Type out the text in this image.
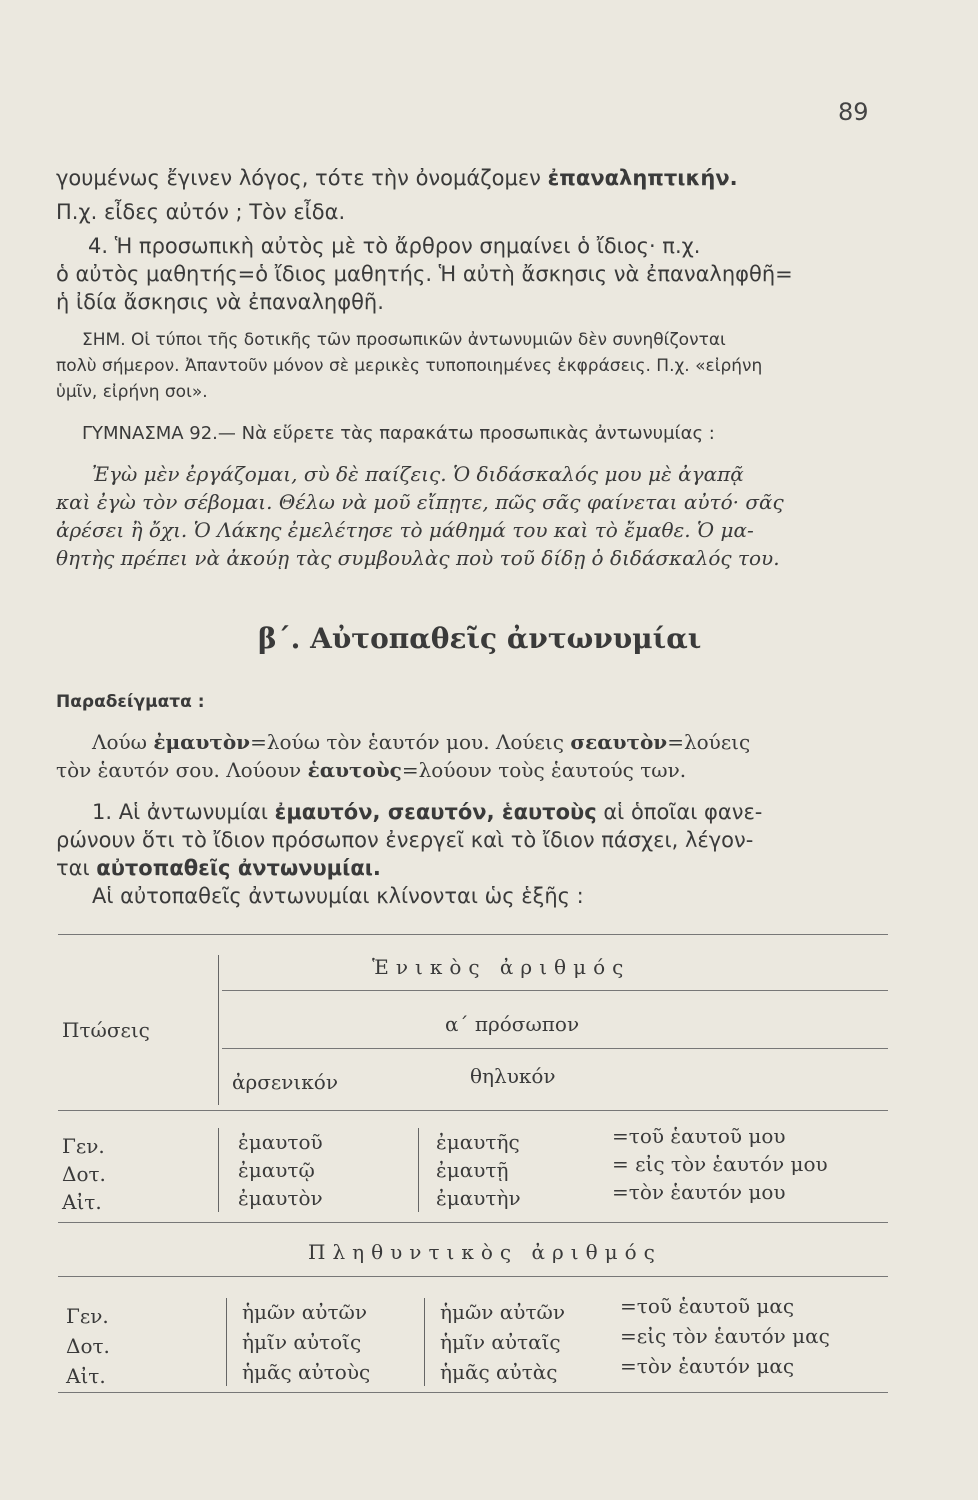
89
γουμένως ἔγινεν λόγος, τότε τὴν ὀνομάζομεν ἐπαναληπτικήν.
Π.χ. εἶδες αὐτόν ; Τὸν εἶδα.
4. Ἡ προσωπικὴ αὐτὸς μὲ τὸ ἄρθρον σημαίνει ὁ ἴδιος· π.χ.
ὁ αὐτὸς μαθητής=ὁ ἴδιος μαθητής. Ἡ αὐτὴ ἄσκησις νὰ ἐπαναληφθῆ=
ἡ ἰδία ἄσκησις νὰ ἐπαναληφθῆ.
ΣΗΜ. Οἱ τύποι τῆς δοτικῆς τῶν προσωπικῶν ἀντωνυμιῶν δὲν συνηθίζονται
πολὺ σήμερον. Ἀπαντοῦν μόνον σὲ μερικὲς τυποποιημένες ἐκφράσεις. Π.χ. «εἰρήνη
ὑμῖν, εἰρήνη σοι».
ΓΥΜΝΑΣΜΑ 92.— Νὰ εὕρετε τὰς παρακάτω προσωπικὰς ἀντωνυμίας :
Ἐγὼ μὲν ἐργάζομαι, σὺ δὲ παίζεις. Ὁ διδάσκαλός μου μὲ ἀγαπᾷ
καὶ ἐγὼ τὸν σέβομαι. Θέλω νὰ μοῦ εἴπῃτε, πῶς σᾶς φαίνεται αὐτό· σᾶς
ἀρέσει ἢ ὄχι. Ὁ Λάκης ἐμελέτησε τὸ μάθημά του καὶ τὸ ἔμαθε. Ὁ μα-
θητὴς πρέπει νὰ ἀκούῃ τὰς συμβουλὰς ποὺ τοῦ δίδῃ ὁ διδάσκαλός του.
β΄. Αὐτοπαθεῖς ἀντωνυμίαι
Παραδείγματα :
Λούω ἐμαυτὸν=λούω τὸν ἑαυτόν μου. Λούεις σεαυτὸν=λούεις
τὸν ἑαυτόν σου. Λούουν ἑαυτοὺς=λούουν τοὺς ἑαυτούς των.
1. Αἱ ἀντωνυμίαι ἐμαυτόν, σεαυτόν, ἑαυτοὺς αἱ ὁποῖαι φανε-
ρώνουν ὅτι τὸ ἴδιον πρόσωπον ἐνεργεῖ καὶ τὸ ἴδιον πάσχει, λέγον-
ται αὐτοπαθεῖς ἀντωνυμίαι.
Αἱ αὐτοπαθεῖς ἀντωνυμίαι κλίνονται ὡς ἑξῆς :
Ἑνικὸς ἀριθμός
Πτώσεις	α΄ πρόσωπον
ἀρσενικόν	θηλυκόν
Γεν.	ἐμαυτοῦ	ἐμαυτῆς	=τοῦ ἑαυτοῦ μου
Δοτ.	ἐμαυτῷ	ἐμαυτῇ	= εἰς τὸν ἑαυτόν μου
Αἰτ.	ἐμαυτὸν	ἐμαυτὴν	=τὸν ἑαυτόν μου
Πληθυντικὸς ἀριθμός
Γεν.	ἡμῶν αὐτῶν	ἡμῶν αὐτῶν	=τοῦ ἑαυτοῦ μας
Δοτ.	ἡμῖν αὐτοῖς	ἡμῖν αὐταῖς	=εἰς τὸν ἑαυτόν μας
Αἰτ.	ἡμᾶς αὐτοὺς	ἡμᾶς αὐτὰς	=τὸν ἑαυτόν μας
